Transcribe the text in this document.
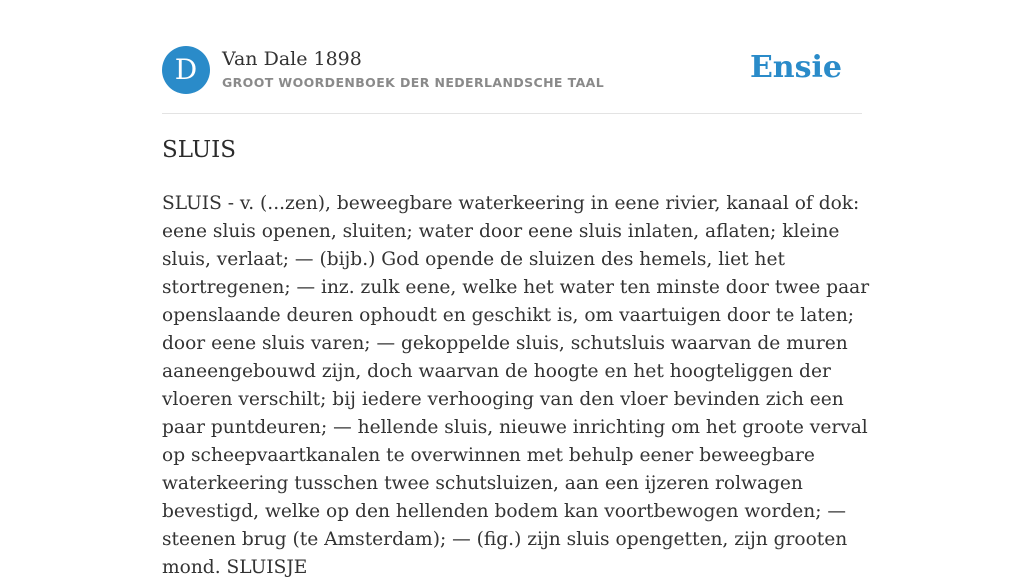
D	Van Dale 1898
GROOT WOORDENBOEK DER NEDERLANDSCHE TAAL	Ensie
SLUIS

SLUIS - v. (...zen), beweegbare waterkeering in eene rivier, kanaal of dok: eene sluis openen, sluiten; water door eene sluis inlaten, aflaten; kleine sluis, verlaat; — (bijb.) God opende de sluizen des hemels, liet het stortregenen; — inz. zulk eene, welke het water ten minste door twee paar openslaande deuren ophoudt en geschikt is, om vaartuigen door te laten; door eene sluis varen; — gekoppelde sluis, schutsluis waarvan de muren aaneengebouwd zijn, doch waarvan de hoogte en het hoogteliggen der vloeren verschilt; bij iedere verhooging van den vloer bevinden zich een paar puntdeuren; — hellende sluis, nieuwe inrichting om het groote verval op scheepvaartkanalen te overwinnen met behulp eener beweegbare waterkeering tusschen twee schutsluizen, aan een ijzeren rolwagen bevestigd, welke op den hellenden bodem kan voortbewogen worden; — steenen brug (te Amsterdam); — (fig.) zijn sluis opengetten, zijn grooten mond. SLUISJE
